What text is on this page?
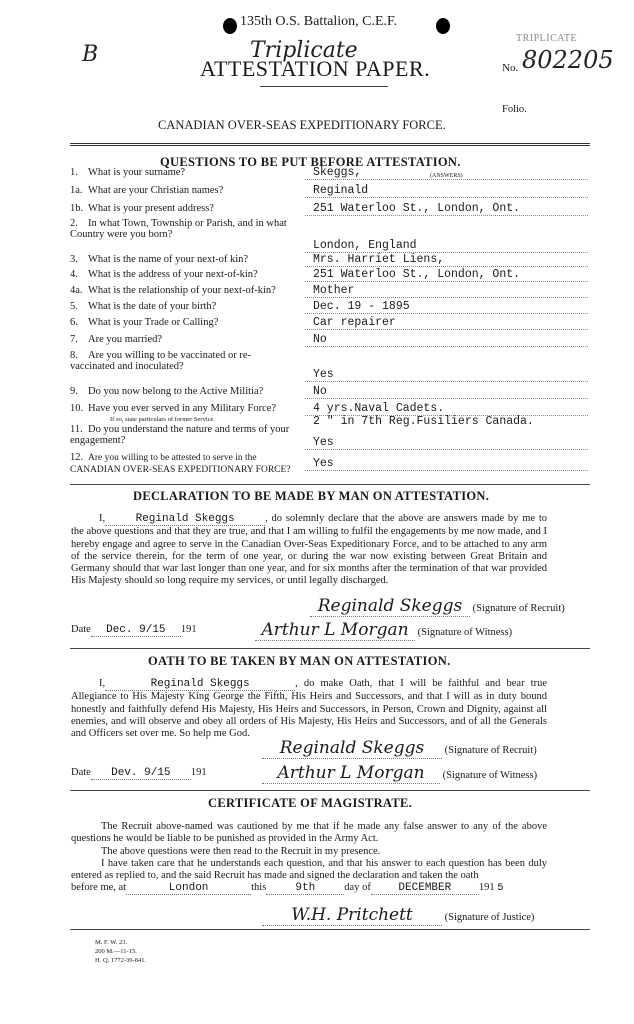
B
135th O.S. Battalion, C.E.F.
Triplicate
ATTESTATION PAPER.
TRIPLICATE
No. 802205
Folio.
CANADIAN OVER-SEAS EXPEDITIONARY FORCE.
QUESTIONS TO BE PUT BEFORE ATTESTATION.
(ANSWERS)
1. What is your surname?	Skeggs,
1a. What are your Christian names?	Reginald
1b. What is your present address?	251 Waterloo St., London, Ont.
2. In what Town, Township or Parish, and in what Country were you born?
London, England
3. What is the name of your next-of kin?	Mrs. Harriet Liens,
4. What is the address of your next-of-kin?	251 Waterloo St., London, Ont.
4a. What is the relationship of your next-of-kin?	Mother
5. What is the date of your birth?	Dec. 19 - 1895
6. What is your Trade or Calling?	Car repairer
7. Are you married?	No
8. Are you willing to be vaccinated or re-vaccinated and inoculated?
Yes
9. Do you now belong to the Active Militia?	No
10. Have you ever served in any Military Force?
If so, state particulars of former Service.
4 yrs.Naval Cadets.
2 " in 7th Reg.Fusiliers Canada.
11. Do you understand the nature and terms of your engagement?	Yes
12. Are you willing to be attested to serve in the CANADIAN OVER-SEAS EXPEDITIONARY FORCE?	Yes
DECLARATION TO BE MADE BY MAN ON ATTESTATION.
I,	Reginald Skeggs	, do solemnly declare that the above are answers made by me to the above questions and that they are true, and that I am willing to fulfil the engagements by me now made, and I hereby engage and agree to serve in the Canadian Over-Seas Expeditionary Force, and to be attached to any arm of the service therein, for the term of one year, or during the war now existing between Great Britain and Germany should that war last longer than one year, and for six months after the termination of that war provided His Majesty should so long require my services, or until legally discharged.
Reginald Skeggs (Signature of Recruit)
Date Dec. 9/15 191	Arthur L Morgan (Signature of Witness)
OATH TO BE TAKEN BY MAN ON ATTESTATION.
I,	Reginald Skeggs	, do make Oath, that I will be faithful and bear true Allegiance to His Majesty King George the Fifth, His Heirs and Successors, and that I will as in duty bound honestly and faithfully defend His Majesty, His Heirs and Successors, in Person, Crown and Dignity, against all enemies, and will observe and obey all orders of His Majesty, His Heirs and Successors, and of all the Generals and Officers set over me. So help me God.
Reginald Skeggs (Signature of Recruit)
Date Dev. 9/15 191	Arthur L Morgan (Signature of Witness)
CERTIFICATE OF MAGISTRATE.
The Recruit above-named was cautioned by me that if he made any false answer to any of the above questions he would be liable to be punished as provided in the Army Act.
The above questions were then read to the Recruit in my presence.
I have taken care that he understands each question, and that his answer to each question has been duly entered as replied to, and the said Recruit has made and signed the declaration and taken the oath
before me, at	London	this	9th	day of	DECEMBER	191 5
W.H. Pritchett	(Signature of Justice)
M. F. W. 23.
200 M.—11-15.
H. Q. 1772-39-841.
